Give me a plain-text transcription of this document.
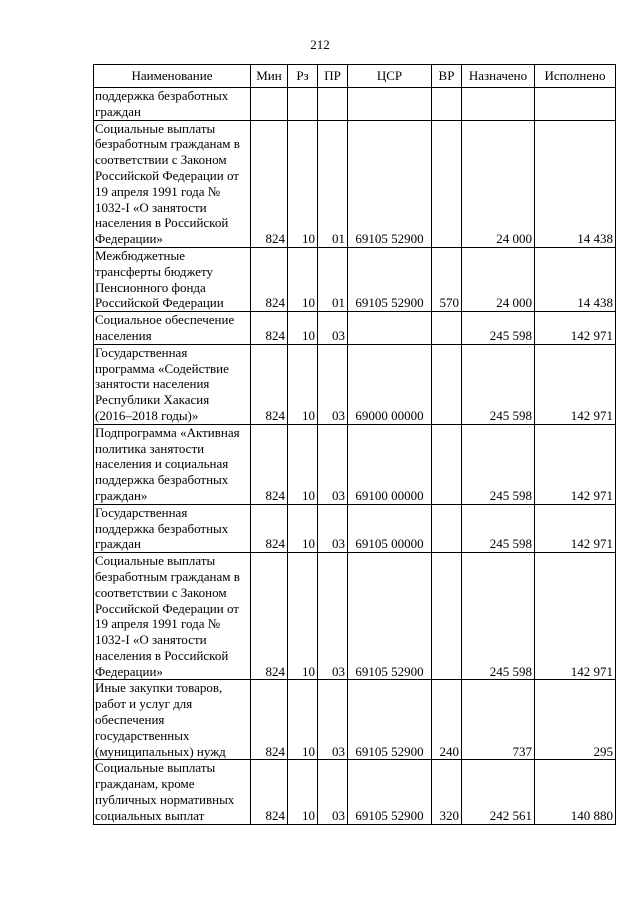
212
Наименование	Мин	Рз	ПР	ЦСР	ВР	Назначено	Исполнено
поддержка безработных граждан							
Социальные выплаты безработным гражданам в соответствии с Законом Российской Федерации от 19 апреля 1991 года № 1032-I «О занятости населения в Российской Федерации»	824	10	01	69105 52900		24 000	14 438
Межбюджетные трансферты бюджету Пенсионного фонда Российской Федерации	824	10	01	69105 52900	570	24 000	14 438
Социальное обеспечение населения	824	10	03			245 598	142 971
Государственная программа «Содействие занятости населения Республики Хакасия (2016–2018 годы)»	824	10	03	69000 00000		245 598	142 971
Подпрограмма «Активная политика занятости населения и социальная поддержка безработных граждан»	824	10	03	69100 00000		245 598	142 971
Государственная поддержка безработных граждан	824	10	03	69105 00000		245 598	142 971
Социальные выплаты безработным гражданам в соответствии с Законом Российской Федерации от 19 апреля 1991 года № 1032-I «О занятости населения в Российской Федерации»	824	10	03	69105 52900		245 598	142 971
Иные закупки товаров, работ и услуг для обеспечения государственных (муниципальных) нужд	824	10	03	69105 52900	240	737	295
Социальные выплаты гражданам, кроме публичных нормативных социальных выплат	824	10	03	69105 52900	320	242 561	140 880
